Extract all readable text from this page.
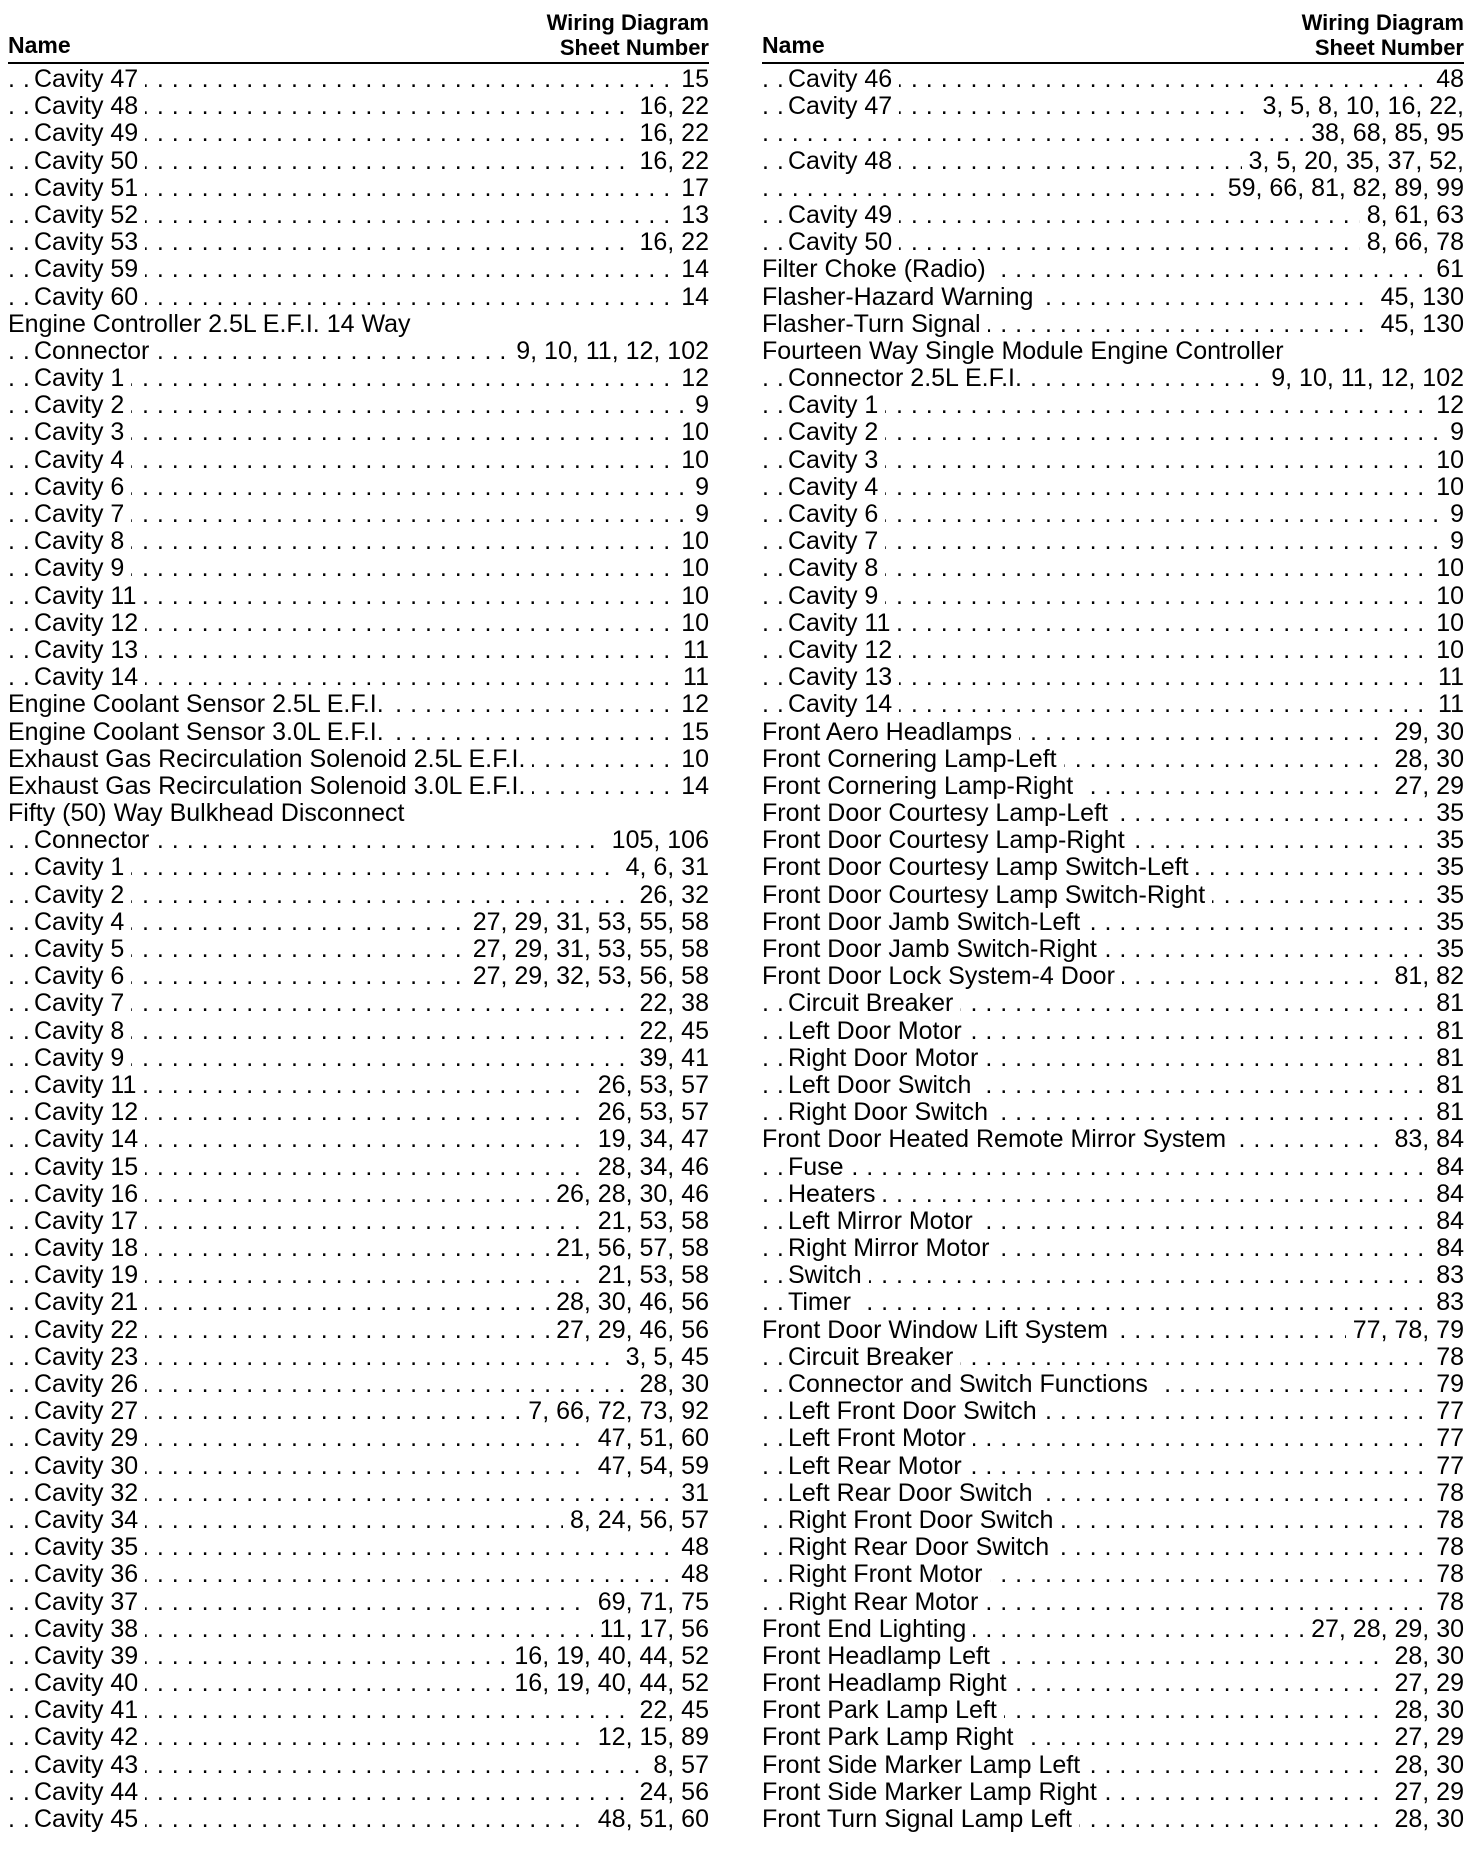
Name
Wiring Diagram
Sheet Number
Cavity 47	15
. . .
Cavity 48	16, 22
. . .
Cavity 49	16, 22
. . .
Cavity 50	16, 22
. . .
Cavity 51	17
. . .
Cavity 52	13
. . .
Cavity 53	16, 22
. . .
Cavity 59	14
. . .
Cavity 60	14
. . .
Engine Controller 2.5L E.F.I. 14 Way
Connector	9, 10, 11, 12, 102
. . .
Cavity 1	12
. . .
Cavity 2	9
. . .
Cavity 3	10
. . .
Cavity 4	10
. . .
Cavity 6	9
. . .
Cavity 7	9
. . .
Cavity 8	10
. . .
Cavity 9	10
. . .
Cavity 11	10
. . .
Cavity 12	10
. . .
Cavity 13	11
. . .
Cavity 14	11
. . .
Engine Coolant Sensor 2.5L E.F.I.	12
. . .
Engine Coolant Sensor 3.0L E.F.I.	15
. . .
Exhaust Gas Recirculation Solenoid 2.5L E.F.I.	10
. . .
Exhaust Gas Recirculation Solenoid 3.0L E.F.I.	14
. . .
Fifty (50) Way Bulkhead Disconnect
Connector	105, 106
. . .
Cavity 1	4, 6, 31
. . .
Cavity 2	26, 32
. . .
Cavity 4	27, 29, 31, 53, 55, 58
. . .
Cavity 5	27, 29, 31, 53, 55, 58
. . .
Cavity 6	27, 29, 32, 53, 56, 58
. . .
Cavity 7	22, 38
. . .
Cavity 8	22, 45
. . .
Cavity 9	39, 41
. . .
Cavity 11	26, 53, 57
. . .
Cavity 12	26, 53, 57
. . .
Cavity 14	19, 34, 47
. . .
Cavity 15	28, 34, 46
. . .
Cavity 16	26, 28, 30, 46
. . .
Cavity 17	21, 53, 58
. . .
Cavity 18	21, 56, 57, 58
. . .
Cavity 19	21, 53, 58
. . .
Cavity 21	28, 30, 46, 56
. . .
Cavity 22	27, 29, 46, 56
. . .
Cavity 23	3, 5, 45
. . .
Cavity 26	28, 30
. . .
Cavity 27	7, 66, 72, 73, 92
. . .
Cavity 29	47, 51, 60
. . .
Cavity 30	47, 54, 59
. . .
Cavity 32	31
. . .
Cavity 34	8, 24, 56, 57
. . .
Cavity 35	48
. . .
Cavity 36	48
. . .
Cavity 37	69, 71, 75
. . .
Cavity 38	11, 17, 56
. . .
Cavity 39	16, 19, 40, 44, 52
. . .
Cavity 40	16, 19, 40, 44, 52
. . .
Cavity 41	22, 45
. . .
Cavity 42	12, 15, 89
. . .
Cavity 43	8, 57
. . .
Cavity 44	24, 56
. . .
Cavity 45	48, 51, 60
. . .
Name
Wiring Diagram
Sheet Number
Cavity 46	48
. . .
Cavity 47	3, 5, 8, 10, 16, 22,
. . .
38, 68, 85, 95
. . .
Cavity 48	3, 5, 20, 35, 37, 52,
. . .
59, 66, 81, 82, 89, 99
. . .
Cavity 49	8, 61, 63
. . .
Cavity 50	8, 66, 78
. . .
Filter Choke (Radio)	61
. . .
Flasher-Hazard Warning	45, 130
. . .
Flasher-Turn Signal	45, 130
. . .
Fourteen Way Single Module Engine Controller
Connector 2.5L E.F.I.	9, 10, 11, 12, 102
. . .
Cavity 1	12
. . .
Cavity 2	9
. . .
Cavity 3	10
. . .
Cavity 4	10
. . .
Cavity 6	9
. . .
Cavity 7	9
. . .
Cavity 8	10
. . .
Cavity 9	10
. . .
Cavity 11	10
. . .
Cavity 12	10
. . .
Cavity 13	11
. . .
Cavity 14	11
. . .
Front Aero Headlamps	29, 30
. . .
Front Cornering Lamp-Left	28, 30
. . .
Front Cornering Lamp-Right	27, 29
. . .
Front Door Courtesy Lamp-Left	35
. . .
Front Door Courtesy Lamp-Right	35
. . .
Front Door Courtesy Lamp Switch-Left	35
. . .
Front Door Courtesy Lamp Switch-Right	35
. . .
Front Door Jamb Switch-Left	35
. . .
Front Door Jamb Switch-Right	35
. . .
Front Door Lock System-4 Door	81, 82
. . .
Circuit Breaker	81
. . .
Left Door Motor	81
. . .
Right Door Motor	81
. . .
Left Door Switch	81
. . .
Right Door Switch	81
. . .
Front Door Heated Remote Mirror System	83, 84
. . .
Fuse	84
. . .
Heaters	84
. . .
Left Mirror Motor	84
. . .
Right Mirror Motor	84
. . .
Switch	83
. . .
Timer	83
. . .
Front Door Window Lift System	77, 78, 79
. . .
Circuit Breaker	78
. . .
Connector and Switch Functions	79
. . .
Left Front Door Switch	77
. . .
Left Front Motor	77
. . .
Left Rear Motor	77
. . .
Left Rear Door Switch	78
. . .
Right Front Door Switch	78
. . .
Right Rear Door Switch	78
. . .
Right Front Motor	78
. . .
Right Rear Motor	78
. . .
Front End Lighting	27, 28, 29, 30
. . .
Front Headlamp Left	28, 30
. . .
Front Headlamp Right	27, 29
. . .
Front Park Lamp Left	28, 30
. . .
Front Park Lamp Right	27, 29
. . .
Front Side Marker Lamp Left	28, 30
. . .
Front Side Marker Lamp Right	27, 29
. . .
Front Turn Signal Lamp Left	28, 30
. . .
